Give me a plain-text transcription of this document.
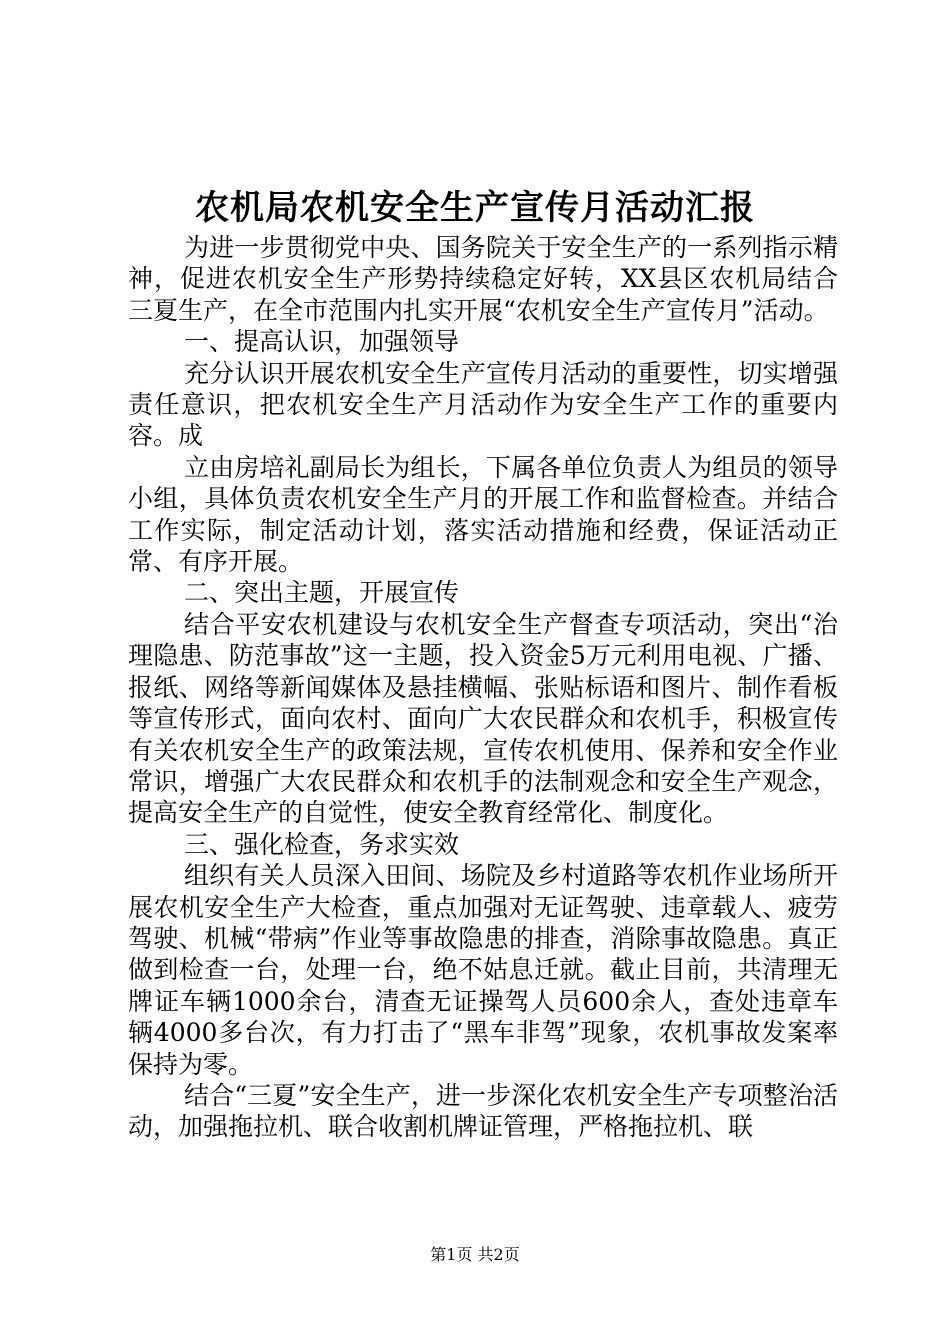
农机局农机安全生产宣传月活动汇报

为进一步贯彻党中央、国务院关于安全生产的一系列指示精神，促进农机安全生产形势持续稳定好转，XX县区农机局结合三夏生产，在全市范围内扎实开展“农机安全生产宣传月”活动。

一、提高认识，加强领导

充分认识开展农机安全生产宣传月活动的重要性，切实增强责任意识，把农机安全生产月活动作为安全生产工作的重要内容。成

立由房培礼副局长为组长，下属各单位负责人为组员的领导小组，具体负责农机安全生产月的开展工作和监督检查。并结合工作实际，制定活动计划，落实活动措施和经费，保证活动正常、有序开展。

二、突出主题，开展宣传

结合平安农机建设与农机安全生产督查专项活动，突出“治理隐患、防范事故”这一主题，投入资金5万元利用电视、广播、报纸、网络等新闻媒体及悬挂横幅、张贴标语和图片、制作看板等宣传形式，面向农村、面向广大农民群众和农机手，积极宣传有关农机安全生产的政策法规，宣传农机使用、保养和安全作业常识，增强广大农民群众和农机手的法制观念和安全生产观念，提高安全生产的自觉性，使安全教育经常化、制度化。

三、强化检查，务求实效

组织有关人员深入田间、场院及乡村道路等农机作业场所开展农机安全生产大检查，重点加强对无证驾驶、违章载人、疲劳驾驶、机械“带病”作业等事故隐患的排查，消除事故隐患。真正做到检查一台，处理一台，绝不姑息迁就。截止目前，共清理无牌证车辆1000余台，清查无证操驾人员600余人，查处违章车辆4000多台次，有力打击了“黑车非驾”现象，农机事故发案率保持为零。

结合“三夏”安全生产，进一步深化农机安全生产专项整治活动，加强拖拉机、联合收割机牌证管理，严格拖拉机、联

第1页 共2页
